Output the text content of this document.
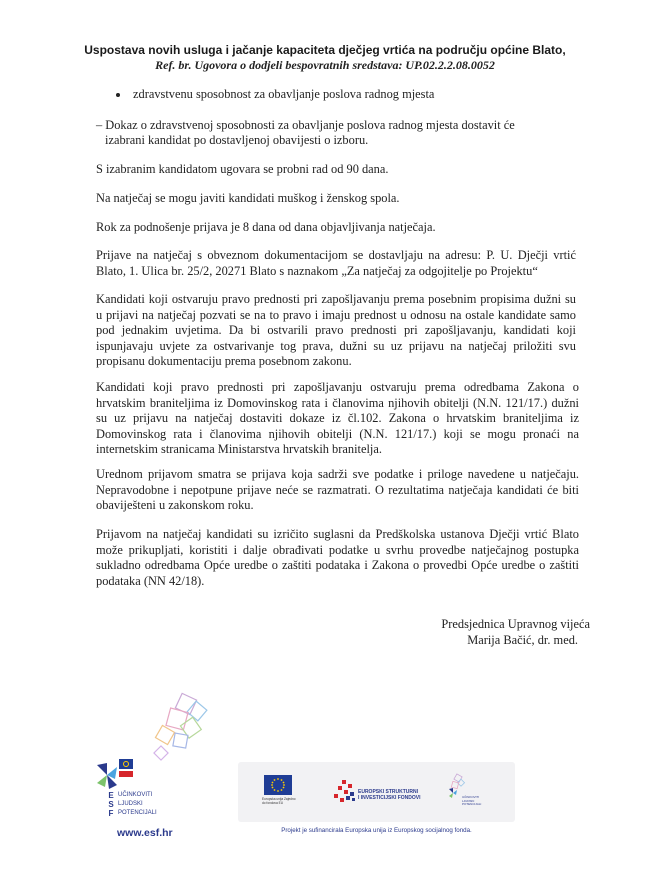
Uspostava novih usluga i jačanje kapaciteta dječjeg vrtića na području općine Blato,
Ref. br. Ugovora o dodjeli bespovratnih sredstava: UP.02.2.2.08.0052
zdravstvenu sposobnost za obavljanje poslova radnog mjesta
– Dokaz o zdravstvenoj sposobnosti za obavljanje poslova radnog mjesta dostavit će
izabrani kandidat po dostavljenoj obavijesti o izboru.
S izabranim kandidatom ugovara se probni rad od 90 dana.
Na natječaj se mogu javiti kandidati muškog i ženskog spola.
Rok za podnošenje prijava je 8 dana od dana objavljivanja natječaja.
Prijave na natječaj s obveznom dokumentacijom se dostavljaju na adresu: P. U. Dječji vrtić Blato, 1. Ulica br. 25/2, 20271 Blato s naznakom „Za natječaj za odgojitelje po Projektu“
Kandidati koji ostvaruju pravo prednosti pri zapošljavanju prema posebnim propisima dužni su u prijavi na natječaj pozvati se na to pravo i imaju prednost u odnosu na ostale kandidate samo pod jednakim uvjetima. Da bi ostvarili pravo prednosti pri zapošljavanju, kandidati koji ispunjavaju uvjete za ostvarivanje tog prava, dužni su uz prijavu na natječaj priložiti svu propisanu dokumentaciju prema posebnom zakonu.
Kandidati koji pravo prednosti pri zapošljavanju ostvaruju prema odredbama Zakona o hrvatskim braniteljima iz Domovinskog rata i članovima njihovih obitelji (N.N. 121/17.) dužni su uz prijavu na natječaj dostaviti dokaze iz čl.102. Zakona o hrvatskim braniteljima iz Domovinskog rata i članovima njihovih obitelji (N.N. 121/17.) koji se mogu pronaći na internetskim stranicama Ministarstva hrvatskih branitelja.
Urednom prijavom smatra se prijava koja sadrži sve podatke i priloge navedene u natječaju. Nepravodobne i nepotpune prijave neće se razmatrati. O rezultatima natječaja kandidati će biti obaviješteni u zakonskom roku.
Prijavom na natječaj kandidati su izričito suglasni da Predškolska ustanova Dječji vrtić Blato može prikupljati, koristiti i dalje obrađivati podatke u svrhu provedbe natječajnog postupka sukladno odredbama Opće uredbe o zaštiti podataka i Zakona o provedbi Opće uredbe o zaštiti podataka (NN 42/18).
Predsjednica Upravnog vijeća
Marija Bačić, dr. med.
E
S
F
UČINKOVITI
LJUDSKI
POTENCIJALI
www.esf.hr
Europska unija Zajedno do fondova EU
EUROPSKI STRUKTURNI
I INVESTICIJSKI FONDOVI	UČINKOVITI
LJUDSKI
POTENCIJALI
Projekt je sufinancirala Europska unija iz Europskog socijalnog fonda.
